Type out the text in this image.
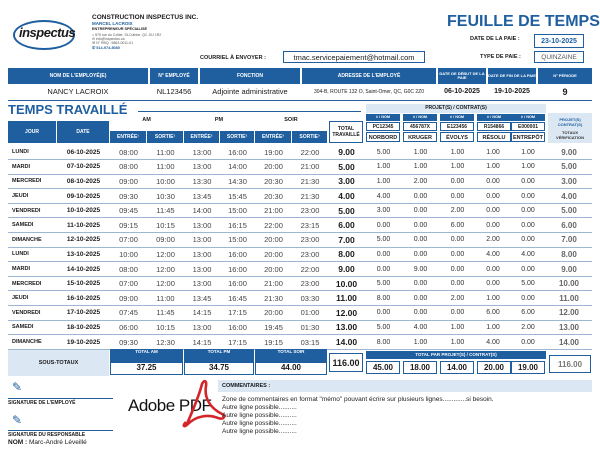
inspectus
CONSTRUCTION INSPECTUS INC.
MARCEL LACROIX
ENTREPRENEUR SPÉCIALISÉ
⌂ 575 rue du Collier, St-Cuthbe, QC J0J 1R2
✉ info@inspectus.ca
⚒ N° RBQ : 5863-0011-01
✆ 514-974-8080
FEUILLE DE TEMPS
DATE DE LA PAIE :	23-10-2025
TYPE DE PAIE :	QUINZAINE
COURRIEL À ENVOYER :	tmac.servicepaiement@hotmail.com
NOM DE L'EMPLOYÉ(E)	N° EMPLOYÉ	FONCTION	ADRESSE DE L'EMPLOYÉ	DATE DE DÉBUT DE LA PAIE	DATE DE FIN DE LA PAIE	N° PÉRIODE
NANCY LACROIX	NL123456	Adjointe administrative	304-B, ROUTE 132 O, Saint-Omer, QC, G0C 2Z0	06-10-2025	19-10-2025	9
TEMPS TRAVAILLÉ	PROJET(S) / CONTRAT(S)
JOUR	DATE
AM	PM	SOIR
ENTRÉE¹	SORTIE¹	ENTRÉE²	SORTIE²	ENTRÉE³	SORTIE³
TOTAL TRAVAILLÉ
# / NOM
PC12345
NORBORD
# / NOM
456787X
KRUGER
# / NOM
E123456
ÉVOLYS
# / NOM
R154866
RÉSOLU
# / NOM
E000001
ENTREPÔT
PROJET(S) CONTRAT(S)
TOTAUX VÉRIFICATION
LUNDI	06-10-2025	08:00	11:00	13:00	16:00	19:00	22:00	9.00	5.00	1.00	1.00	1.00	1.00	9.00
MARDI	07-10-2025	08:00	11:00	13:00	14:00	20:00	21:00	5.00	1.00	1.00	1.00	1.00	1.00	5.00
MERCREDI	08-10-2025	09:00	10:00	13:30	14:30	20:30	21:30	3.00	1.00	2.00	0.00	0.00	0.00	3.00
JEUDI	09-10-2025	09:30	10:30	13:45	15:45	20:30	21:30	4.00	4.00	0.00	0.00	0.00	0.00	4.00
VENDREDI	10-10-2025	09:45	11:45	14:00	15:00	21:00	23:00	5.00	3.00	0.00	2.00	0.00	0.00	5.00
SAMEDI	11-10-2025	09:15	10:15	13:00	16:15	22:00	23:15	6.00	0.00	0.00	6.00	0.00	0.00	6.00
DIMANCHE	12-10-2025	07:00	09:00	13:00	15:00	20:00	23:00	7.00	5.00	0.00	0.00	2.00	0.00	7.00
LUNDI	13-10-2025	10:00	12:00	13:00	16:00	20:00	23:00	8.00	0.00	0.00	0.00	4.00	4.00	8.00
MARDI	14-10-2025	08:00	12:00	13:00	16:00	20:00	22:00	9.00	0.00	9.00	0.00	0.00	0.00	9.00
MERCREDI	15-10-2025	07:00	12:00	13:00	16:00	21:00	23:00	10.00	5.00	0.00	0.00	0.00	5.00	10.00
JEUDI	16-10-2025	09:00	11:00	13:45	16:45	21:30	03:30	11.00	8.00	0.00	2.00	1.00	0.00	11.00
VENDREDI	17-10-2025	07:45	11:45	14:15	17:15	20:00	01:00	12.00	0.00	0.00	0.00	6.00	6.00	12.00
SAMEDI	18-10-2025	06:00	10:15	13:00	16:00	19:45	01:30	13.00	5.00	4.00	1.00	1.00	2.00	13.00
DIMANCHE	19-10-2025	09:30	12:30	14:15	17:15	19:15	03:15	14.00	8.00	1.00	1.00	4.00	0.00	14.00
SOUS-TOTAUX
TOTAL AM
37.25
TOTAL PM
34.75
TOTAL SOIR
44.00	116.00
TOTAL PAR PROJET(S) / CONTRAT(S)
45.00	18.00	14.00	20.00	19.00	116.00
✎
SIGNATURE DE L'EMPLOYÉ
✎
SIGNATURE DU RESPONSABLE
NOM : Marc-André Léveillé
Adobe PDF
COMMENTAIRES :
Zone de commentaires en format "mémo" pouvant écrire sur plusieurs lignes.............si besoin.
Autre ligne possible..........
Autre ligne possible..........
Autre ligne possible..........
Autre ligne possible..........
